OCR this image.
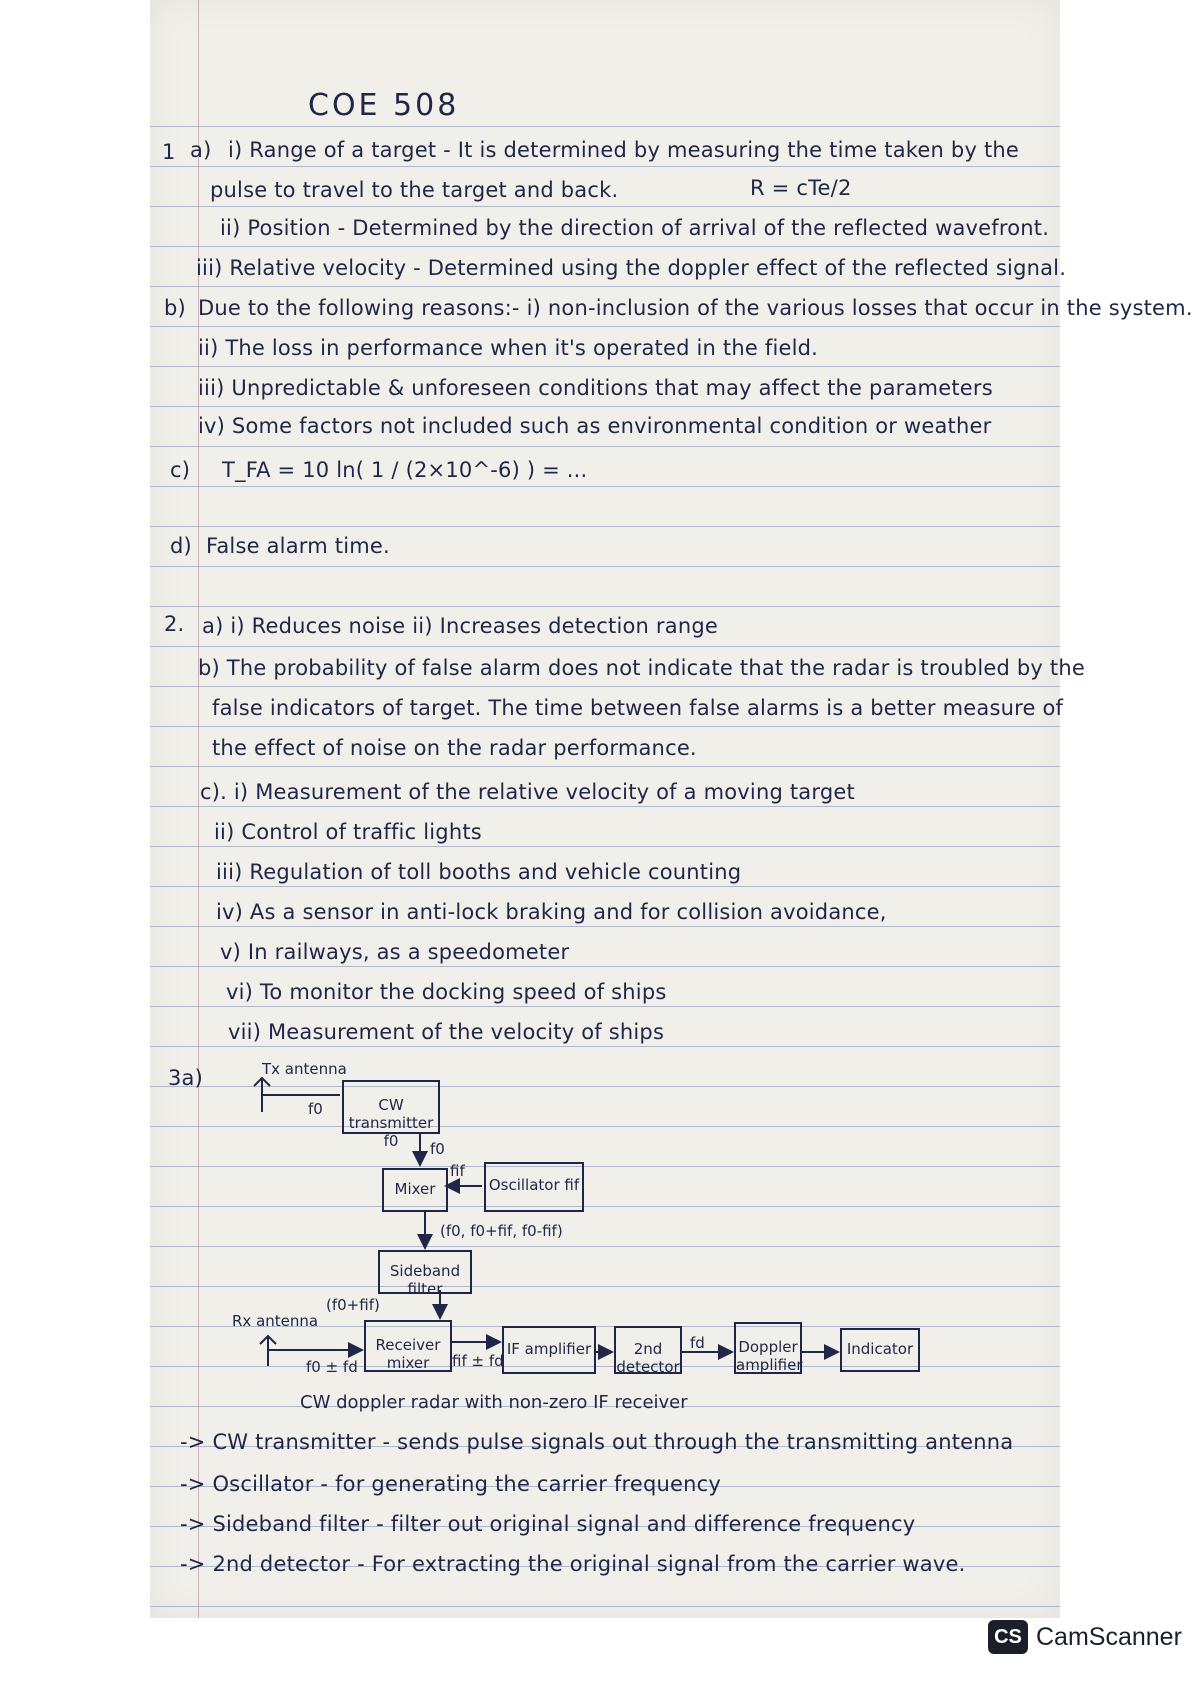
COE 508
1 a) i) Range of a target - It is determined by measuring the time taken by the
pulse to travel to the target and back.	R = cTe/2
ii) Position - Determined by the direction of arrival of the reflected wavefront.
iii) Relative velocity - Determined using the doppler effect of the reflected signal.
b) Due to the following reasons:- i) non-inclusion of the various losses that occur in the system.
ii) The loss in performance when it's operated in the field.
iii) Unpredictable & unforeseen conditions that may affect the parameters
iv) Some factors not included such as environmental condition or weather
c) T_FA = 10 ln( 1 / (2×10^-6) ) = ...
d) False alarm time.
2. a) i) Reduces noise ii) Increases detection range
b) The probability of false alarm does not indicate that the radar is troubled by the
false indicators of target. The time between false alarms is a better measure of
the effect of noise on the radar performance.
c). i) Measurement of the relative velocity of a moving target
ii) Control of traffic lights
iii) Regulation of toll booths and vehicle counting
iv) As a sensor in anti-lock braking and for collision avoidance,
v) In railways, as a speedometer
vi) To monitor the docking speed of ships
vii) Measurement of the velocity of ships
3a)	Tx antenna
f0	CW transmitter f0	f0
Mixer
fif
Oscillator fif
(f0, f0+fif, f0-fif)
Sideband filter
Rx antenna
(f0+fif)
f0 ± fd
Receiver mixer	fif ± fd
IF amplifier	2nd detector
fd Doppler amplifier
Indicator
CW doppler radar with non-zero IF receiver
-> CW transmitter - sends pulse signals out through the transmitting antenna
-> Oscillator - for generating the carrier frequency
-> Sideband filter - filter out original signal and difference frequency
-> 2nd detector - For extracting the original signal from the carrier wave.
CS CamScanner
